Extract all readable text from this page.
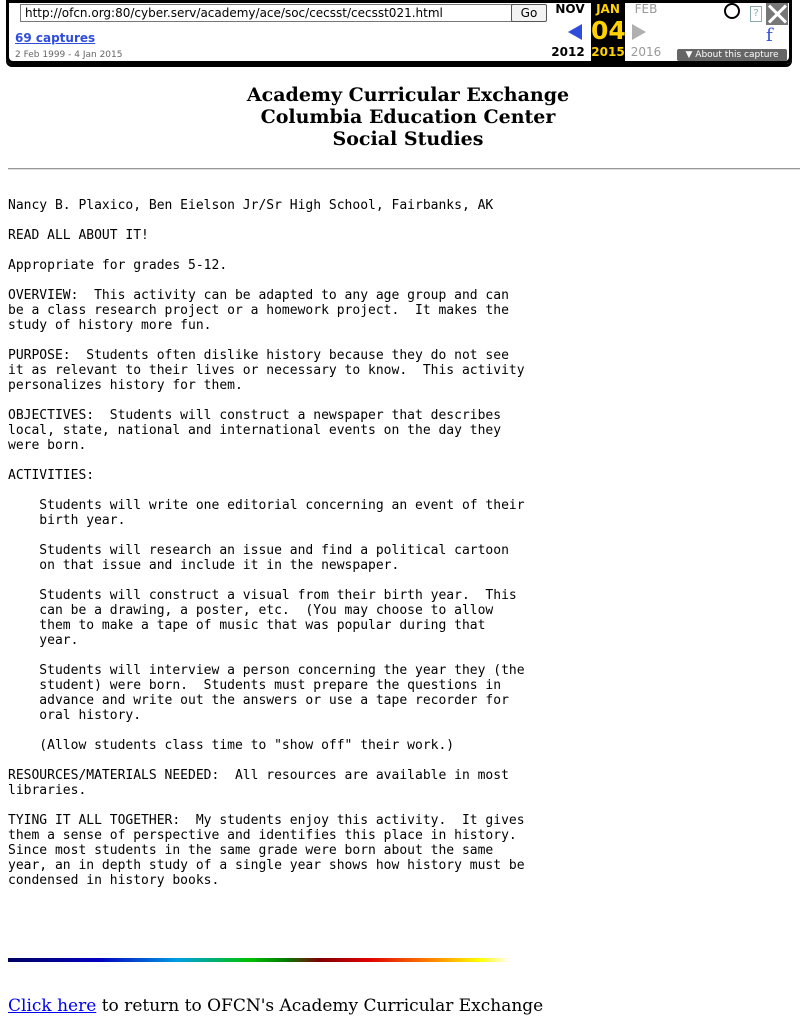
http://ofcn.org:80/cyber.serv/academy/ace/soc/cecsst/cecsst021.html	Go
69 captures
2 Feb 1999 - 4 Jan 2015
NOV JAN	FEB
04
2012 2015 2016
?
f
▼ About this capture
Academy Curricular Exchange
Columbia Education Center
Social Studies
Nancy B. Plaxico, Ben Eielson Jr/Sr High School, Fairbanks, AK

READ ALL ABOUT IT!

Appropriate for grades 5-12.

OVERVIEW:  This activity can be adapted to any age group and can
be a class research project or a homework project.  It makes the
study of history more fun.

PURPOSE:  Students often dislike history because they do not see
it as relevant to their lives or necessary to know.  This activity
personalizes history for them.

OBJECTIVES:  Students will construct a newspaper that describes
local, state, national and international events on the day they
were born.

ACTIVITIES:

Students will write one editorial concerning an event of their
birth year.

Students will research an issue and find a political cartoon
on that issue and include it in the newspaper.

Students will construct a visual from their birth year.  This
can be a drawing, a poster, etc.  (You may choose to allow
them to make a tape of music that was popular during that
year.

Students will interview a person concerning the year they (the
student) were born.  Students must prepare the questions in
advance and write out the answers or use a tape recorder for
oral history.

(Allow students class time to "show off" their work.)

RESOURCES/MATERIALS NEEDED:  All resources are available in most
libraries.

TYING IT ALL TOGETHER:  My students enjoy this activity.  It gives
them a sense of perspective and identifies this place in history.
Since most students in the same grade were born about the same
year, an in depth study of a single year shows how history must be
condensed in history books.
Click here to return to OFCN's Academy Curricular Exchange
